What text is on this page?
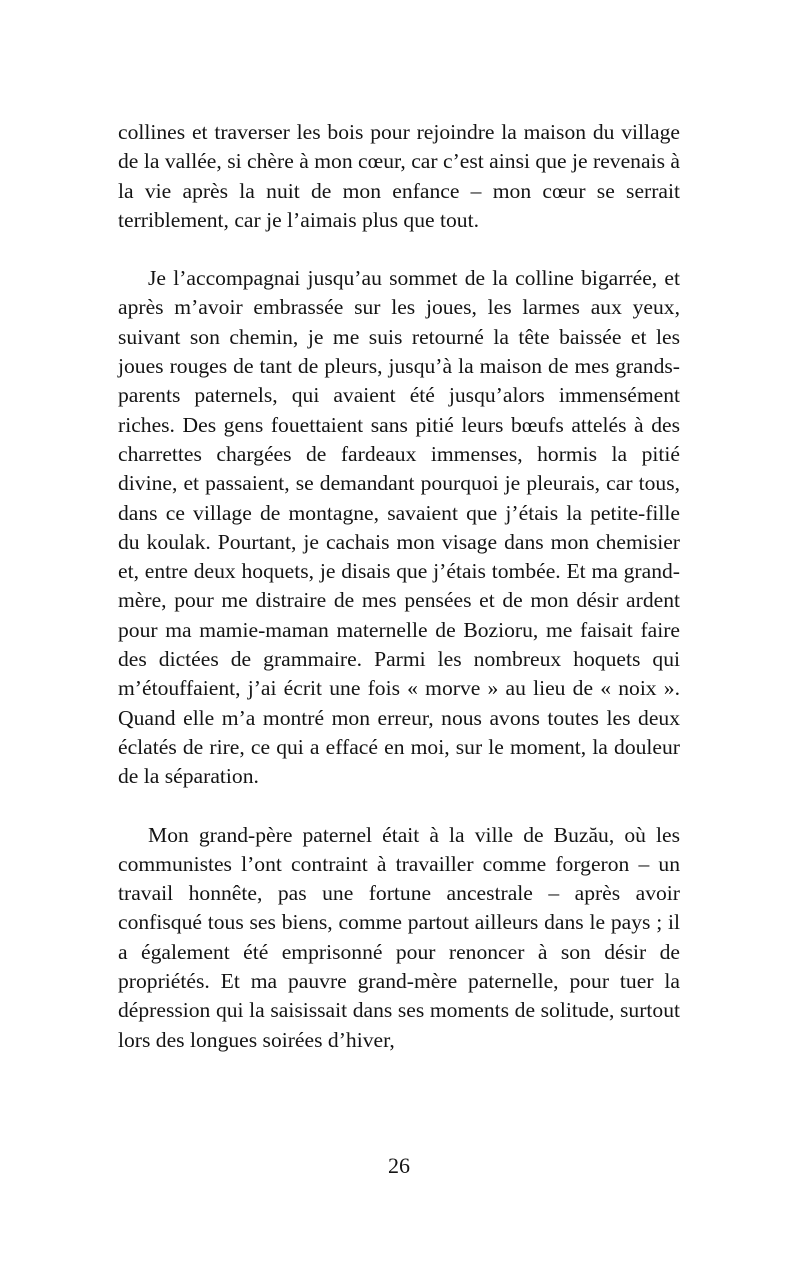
collines et traverser les bois pour rejoindre la maison du village de la vallée, si chère à mon cœur, car c’est ainsi que je revenais à la vie après la nuit de mon enfance – mon cœur se serrait terriblement, car je l’aimais plus que tout.

Je l’accompagnai jusqu’au sommet de la colline bigarrée, et après m’avoir embrassée sur les joues, les larmes aux yeux, suivant son chemin, je me suis retourné la tête baissée et les joues rouges de tant de pleurs, jusqu’à la maison de mes grands-parents paternels, qui avaient été jusqu’alors immensément riches. Des gens fouettaient sans pitié leurs bœufs attelés à des charrettes chargées de fardeaux immenses, hormis la pitié divine, et passaient, se demandant pourquoi je pleurais, car tous, dans ce village de montagne, savaient que j’étais la petite-fille du koulak. Pourtant, je cachais mon visage dans mon chemisier et, entre deux hoquets, je disais que j’étais tombée. Et ma grand-mère, pour me distraire de mes pensées et de mon désir ardent pour ma mamie-maman maternelle de Bozioru, me faisait faire des dictées de grammaire. Parmi les nombreux hoquets qui m’étouffaient, j’ai écrit une fois « morve » au lieu de « noix ». Quand elle m’a montré mon erreur, nous avons toutes les deux éclatés de rire, ce qui a effacé en moi, sur le moment, la douleur de la séparation.

Mon grand-père paternel était à la ville de Buzău, où les communistes l’ont contraint à travailler comme forgeron – un travail honnête, pas une fortune ancestrale – après avoir confisqué tous ses biens, comme partout ailleurs dans le pays ; il a également été emprisonné pour renoncer à son désir de propriétés. Et ma pauvre grand-mère paternelle, pour tuer la dépression qui la saisissait dans ses moments de solitude, surtout lors des longues soirées d’hiver,

26
